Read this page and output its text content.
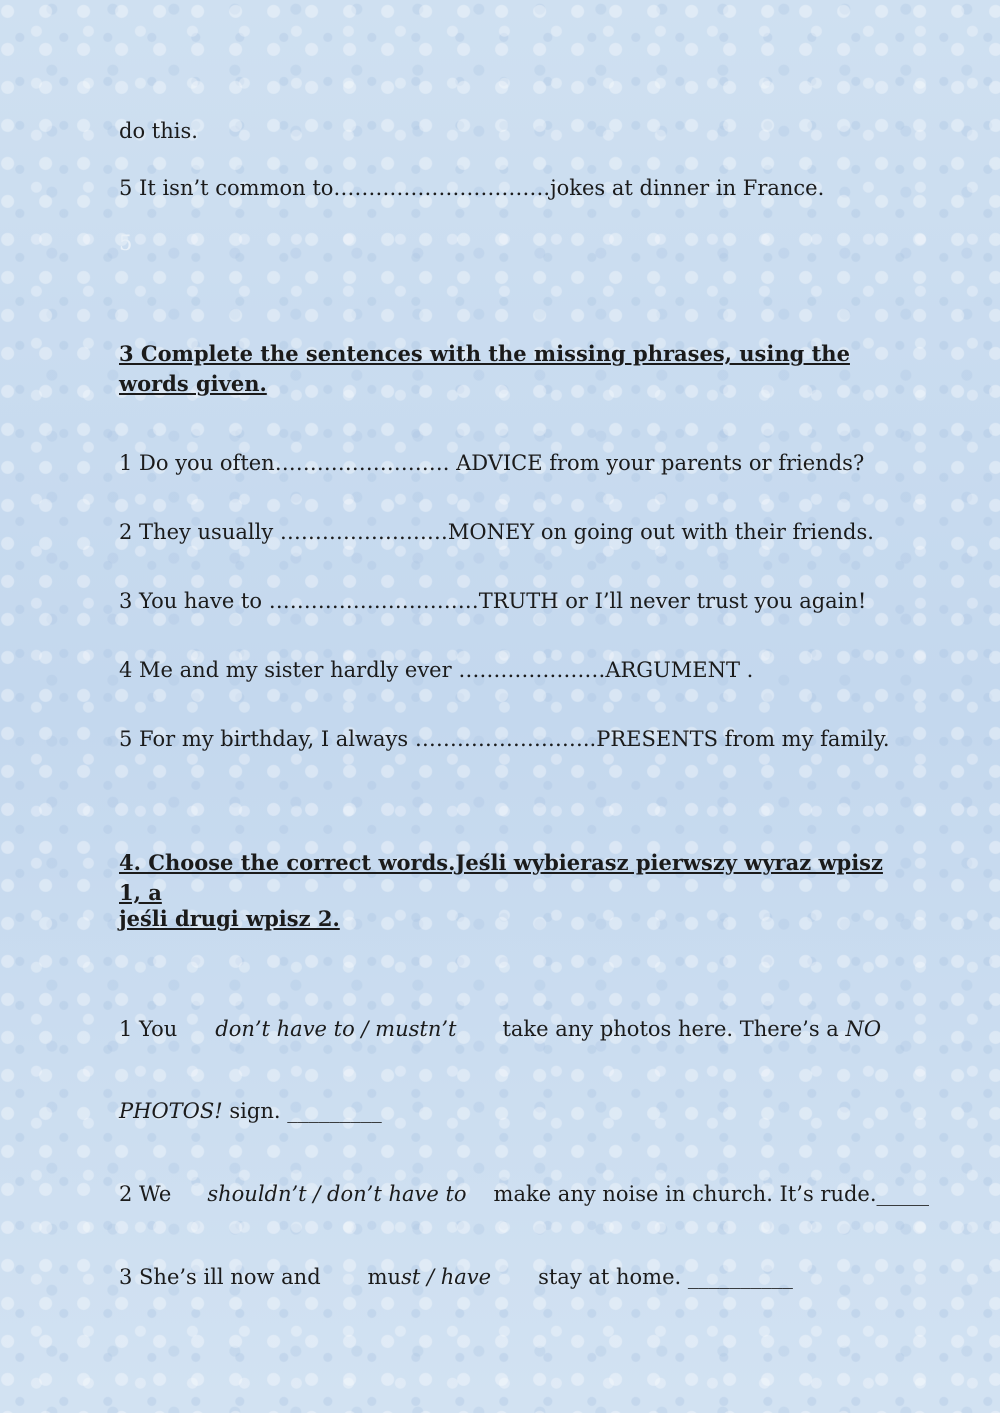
do this.
5 It isn’t common to………………………….jokes at dinner in France.
5
3 Complete the sentences with the missing phrases, using the words given.
1 Do you often……………………. ADVICE from your parents or friends?
2 They usually ……………………MONEY on going out with their friends.
3 You have to …………………………TRUTH or I’ll never trust you again!
4 Me and my sister hardly ever …………………ARGUMENT .
5 For my birthday, I always ……………………..PRESENTS from my family.
4. Choose the correct words.Jeśli wybierasz pierwszy wyraz wpisz 1, a
jeśli drugi wpisz 2.
1 You don’t have to / mustn’t take any photos here. There’s a NO
PHOTOS! sign. _________
2 We shouldn’t / don’t have to make any noise in church. It’s rude._____
3 She’s ill now and must / have stay at home. __________
